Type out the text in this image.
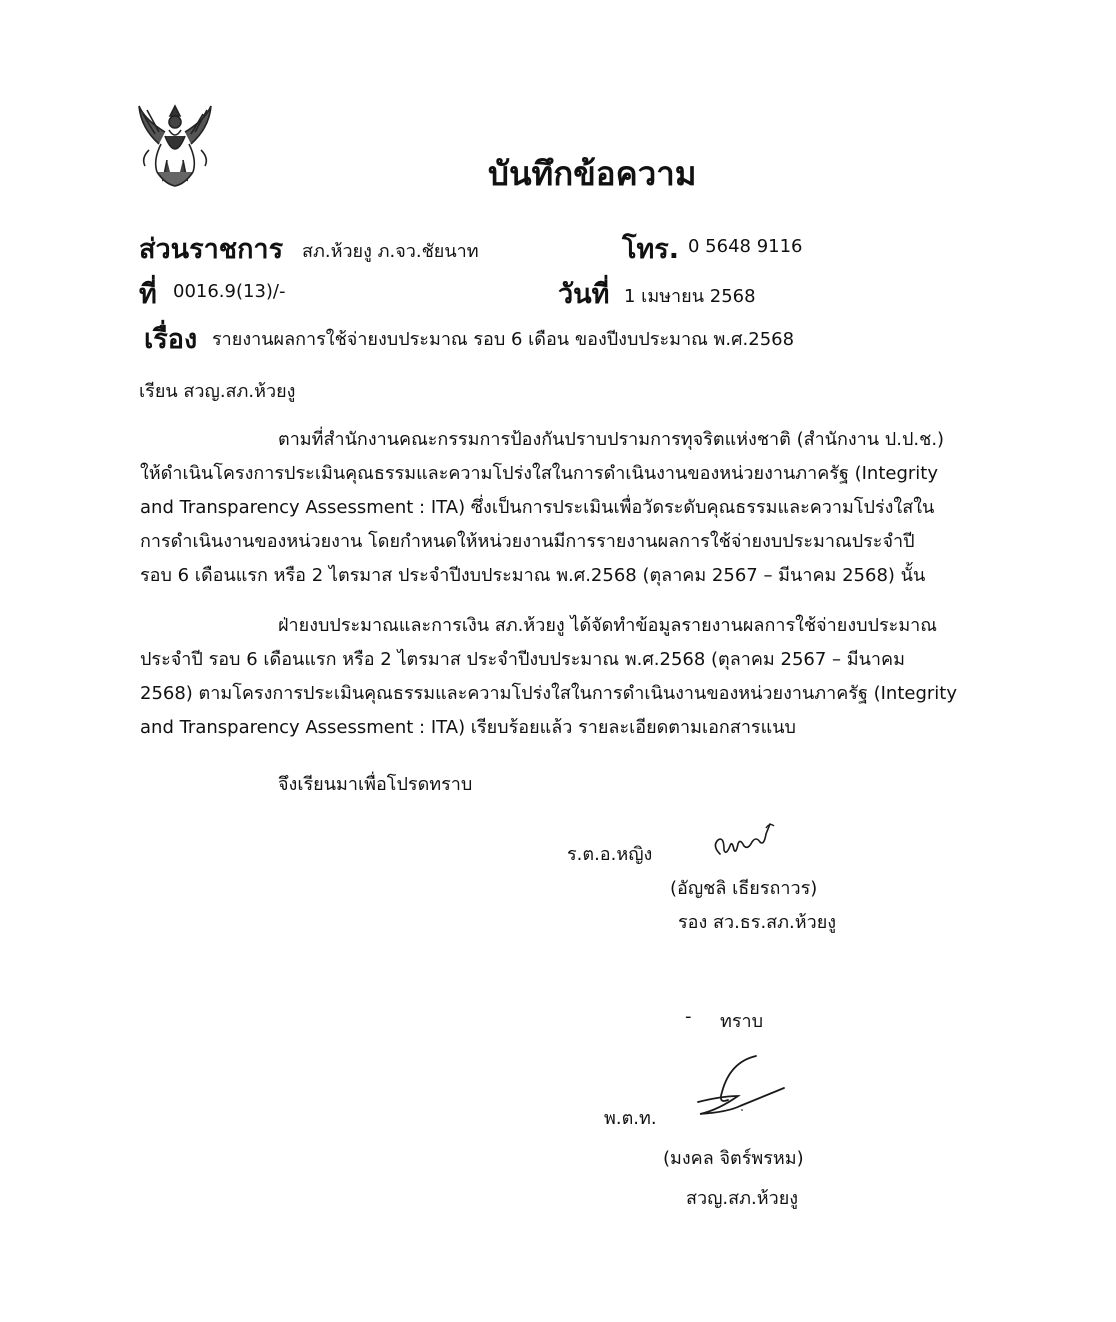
บันทึกข้อความ
ส่วนราชการ สภ.ห้วยงู ภ.จว.ชัยนาท	โทร. 0 5648 9116
ที่ 0016.9(13)/-	วันที่ 1 เมษายน 2568
เรื่อง รายงานผลการใช้จ่ายงบประมาณ รอบ 6 เดือน ของปีงบประมาณ พ.ศ.2568
เรียน สวญ.สภ.ห้วยงู

ตามที่สำนักงานคณะกรรมการป้องกันปราบปรามการทุจริตแห่งชาติ (สำนักงาน ป.ป.ช.)

ให้ดำเนินโครงการประเมินคุณธรรมและความโปร่งใสในการดำเนินงานของหน่วยงานภาครัฐ (Integrity

and Transparency Assessment : ITA) ซึ่งเป็นการประเมินเพื่อวัดระดับคุณธรรมและความโปร่งใสใน

การดำเนินงานของหน่วยงาน โดยกำหนดให้หน่วยงานมีการรายงานผลการใช้จ่ายงบประมาณประจำปี

รอบ 6 เดือนแรก หรือ 2 ไตรมาส ประจำปีงบประมาณ พ.ศ.2568 (ตุลาคม 2567 – มีนาคม 2568) นั้น

ฝ่ายงบประมาณและการเงิน สภ.ห้วยงู ได้จัดทำข้อมูลรายงานผลการใช้จ่ายงบประมาณ

ประจำปี รอบ 6 เดือนแรก หรือ 2 ไตรมาส ประจำปีงบประมาณ พ.ศ.2568 (ตุลาคม 2567 – มีนาคม

2568) ตามโครงการประเมินคุณธรรมและความโปร่งใสในการดำเนินงานของหน่วยงานภาครัฐ (Integrity

and Transparency Assessment : ITA) เรียบร้อยแล้ว รายละเอียดตามเอกสารแนบ

จึงเรียนมาเพื่อโปรดทราบ
ร.ต.อ.หญิง
(อัญชลิ เธียรถาวร)
รอง สว.ธร.สภ.ห้วยงู
- ทราบ
พ.ต.ท.
(มงคล จิตร์พรหม)
สวญ.สภ.ห้วยงู
